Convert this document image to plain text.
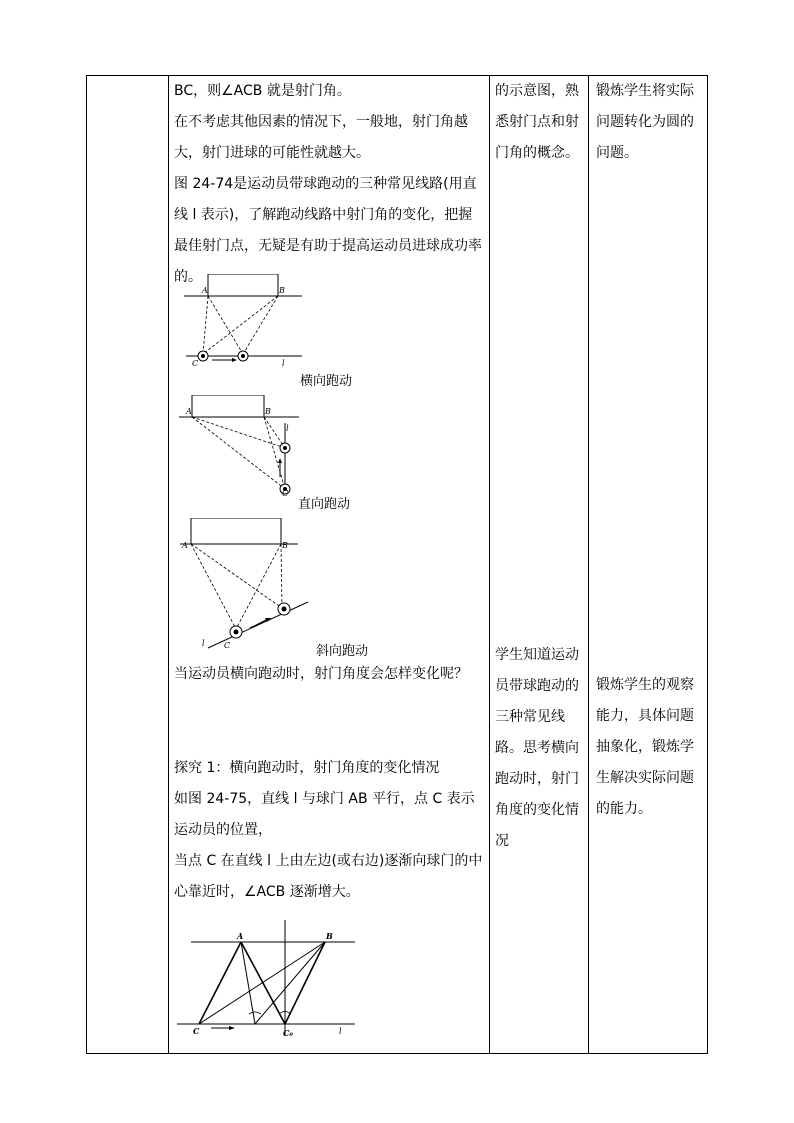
BC，则∠ACB 就是射门角。

在不考虑其他因素的情况下，一般地，射门角越大，射门进球的可能性就越大。

图 24-74是运动员带球跑动的三种常见线路(用直线 l 表示)，了解跑动线路中射门角的变化，把握最佳射门点，无疑是有助于提高运动员进球成功率的。

A	B
C	l
横向跑动
A	B
C
l
直向跑动
A	B
C
l
斜向跑动
当运动员横向跑动时，射门角度会怎样变化呢？

探究 1：横向跑动时，射门角度的变化情况

如图 24-75，直线 l 与球门 AB 平行，点 C 表示运动员的位置，

当点 C 在直线 l 上由左边(或右边)逐渐向球门的中心靠近时，∠ACB 逐渐增大。

A	B
C	C₀	l
的示意图，熟悉射门点和射门角的概念。
学生知道运动员带球跑动的三种常见线路。思考横向跑动时，射门角度的变化情况
锻炼学生将实际问题转化为圆的问题。
锻炼学生的观察能力，具体问题抽象化，锻炼学生解决实际问题的能力。
